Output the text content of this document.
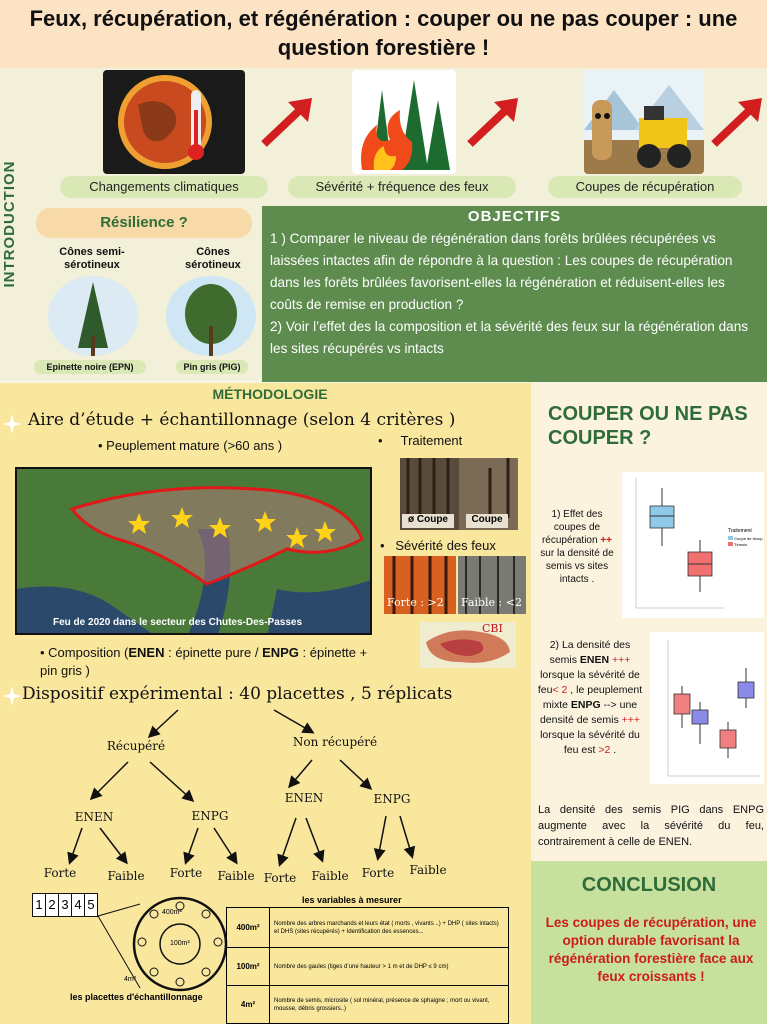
Feux, récupération, et régénération : couper ou ne pas couper : une question forestière !
INTRODUCTION	Changements climatiques	Sévérité + fréquence des feux	Coupes de récupération
Résilience ?
Cônes semi-sérotineux
Cônes sérotineux
Epinette noire (EPN)	Pin gris (PIG)
OBJECTIFS
1 ) Comparer le niveau de régénération dans forêts brûlées récupérées vs laissées intactes afin de répondre à la question : Les coupes de récupération dans les forêts brûlées favorisent-elles la régénération et réduisent-elles les coûts de remise en production ?
2) Voir l’effet des la composition et la sévérité des feux sur la régénération dans les sites récupérés vs intacts
MÉTHODOLOGIE
Aire d’étude + échantillonnage (selon 4 critères )
• Peuplement mature (>60 ans )	•     Traitement
Feu de 2020 dans le secteur des Chutes-Des-Passes
ø Coupe	Coupe
•   Sévérité des feux
Forte : >2	Faible : <2
CBI
• Composition (ENEN : épinette pure / ENPG : épinette + pin gris )
Dispositif expérimental : 40 placettes , 5 réplicats
Récupéré	Non récupéré
ENEN	ENPG
ENEN	ENPG
Forte	Faible	Forte	Faible Forte	Faible	Forte	Faible
1 2 3 4 5
400m²
100m²
4m²
les placettes d'échantillonnage
les variables à mesurer
400m²	Nombre des arbres marchands et leurs état ( morts , vivants ..) + DHP ( sites intacts) et DHS (sites récupérés) + Identification des essences...
100m²	Nombre des gaules (tiges d’une hauteur > 1 m et de DHP ≤ 9 cm)
4m²	Nombre de semis, microsite ( sol minéral, présence de sphaigne ; mort ou vivant, mousse, débris grossiers..)
COUPER OU NE PAS COUPER ?
1) Effet des coupes de récupération ++ sur la densité de semis vs sites intacts .
Traitement
Coupe de récup
Témoin
2) La densité des semis ENEN +++ lorsque la sévérité de feu< 2 , le peuplement mixte ENPG --> une densité de semis +++ lorsque la sévérité du feu est >2 .
La densité des semis PIG dans ENPG augmente avec la sévérité du feu, contrairement à celle de ENEN.
CONCLUSION
Les coupes de récupération, une option durable favorisant la régénération forestière face aux feux croissants !
